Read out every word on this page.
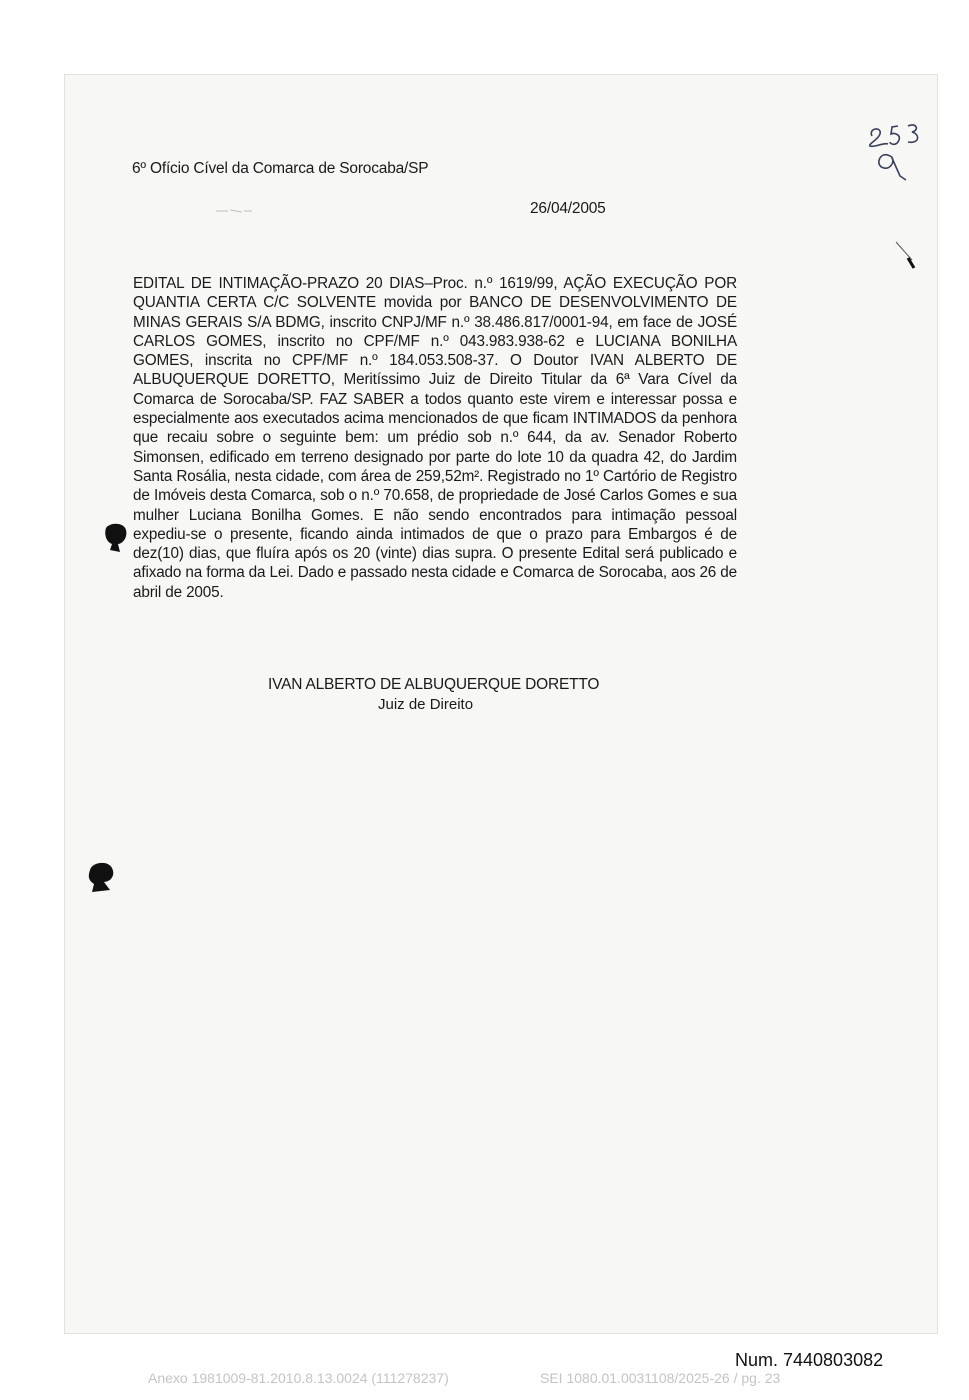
6º Ofício Cível da Comarca de Sorocaba/SP
26/04/2005

EDITAL DE INTIMAÇÃO-PRAZO 20 DIAS–Proc. n.º 1619/99, AÇÃO EXECUÇÃO POR QUANTIA CERTA C/C SOLVENTE movida por BANCO DE DESENVOLVIMENTO DE MINAS GERAIS S/A BDMG, inscrito CNPJ/MF n.º 38.486.817/0001-94, em face de JOSÉ CARLOS GOMES, inscrito no CPF/MF n.º 043.983.938-62 e LUCIANA BONILHA GOMES, inscrita no CPF/MF n.º 184.053.508-37. O Doutor IVAN ALBERTO DE ALBUQUERQUE DORETTO, Meritíssimo Juiz de Direito Titular da 6ª Vara Cível da Comarca de Sorocaba/SP. FAZ SABER a todos quanto este virem e interessar possa e especialmente aos executados acima mencionados de que ficam INTIMADOS da penhora que recaiu sobre o seguinte bem: um prédio sob n.º 644, da av. Senador Roberto Simonsen, edificado em terreno designado por parte do lote 10 da quadra 42, do Jardim Santa Rosália, nesta cidade, com área de 259,52m². Registrado no 1º Cartório de Registro de Imóveis desta Comarca, sob o n.º 70.658, de propriedade de José Carlos Gomes e sua mulher Luciana Bonilha Gomes. E não sendo encontrados para intimação pessoal expediu-se o presente, ficando ainda intimados de que o prazo para Embargos é de dez(10) dias, que fluíra após os 20 (vinte) dias supra. O presente Edital será publicado e afixado na forma da Lei. Dado e passado nesta cidade e Comarca de Sorocaba, aos 26 de abril de 2005.

IVAN ALBERTO DE ALBUQUERQUE DORETTO
Juiz de Direito
Num. 7440803082
Anexo 1981009-81.2010.8.13.0024 (111278237)	SEI 1080.01.0031108/2025-26 / pg. 23
